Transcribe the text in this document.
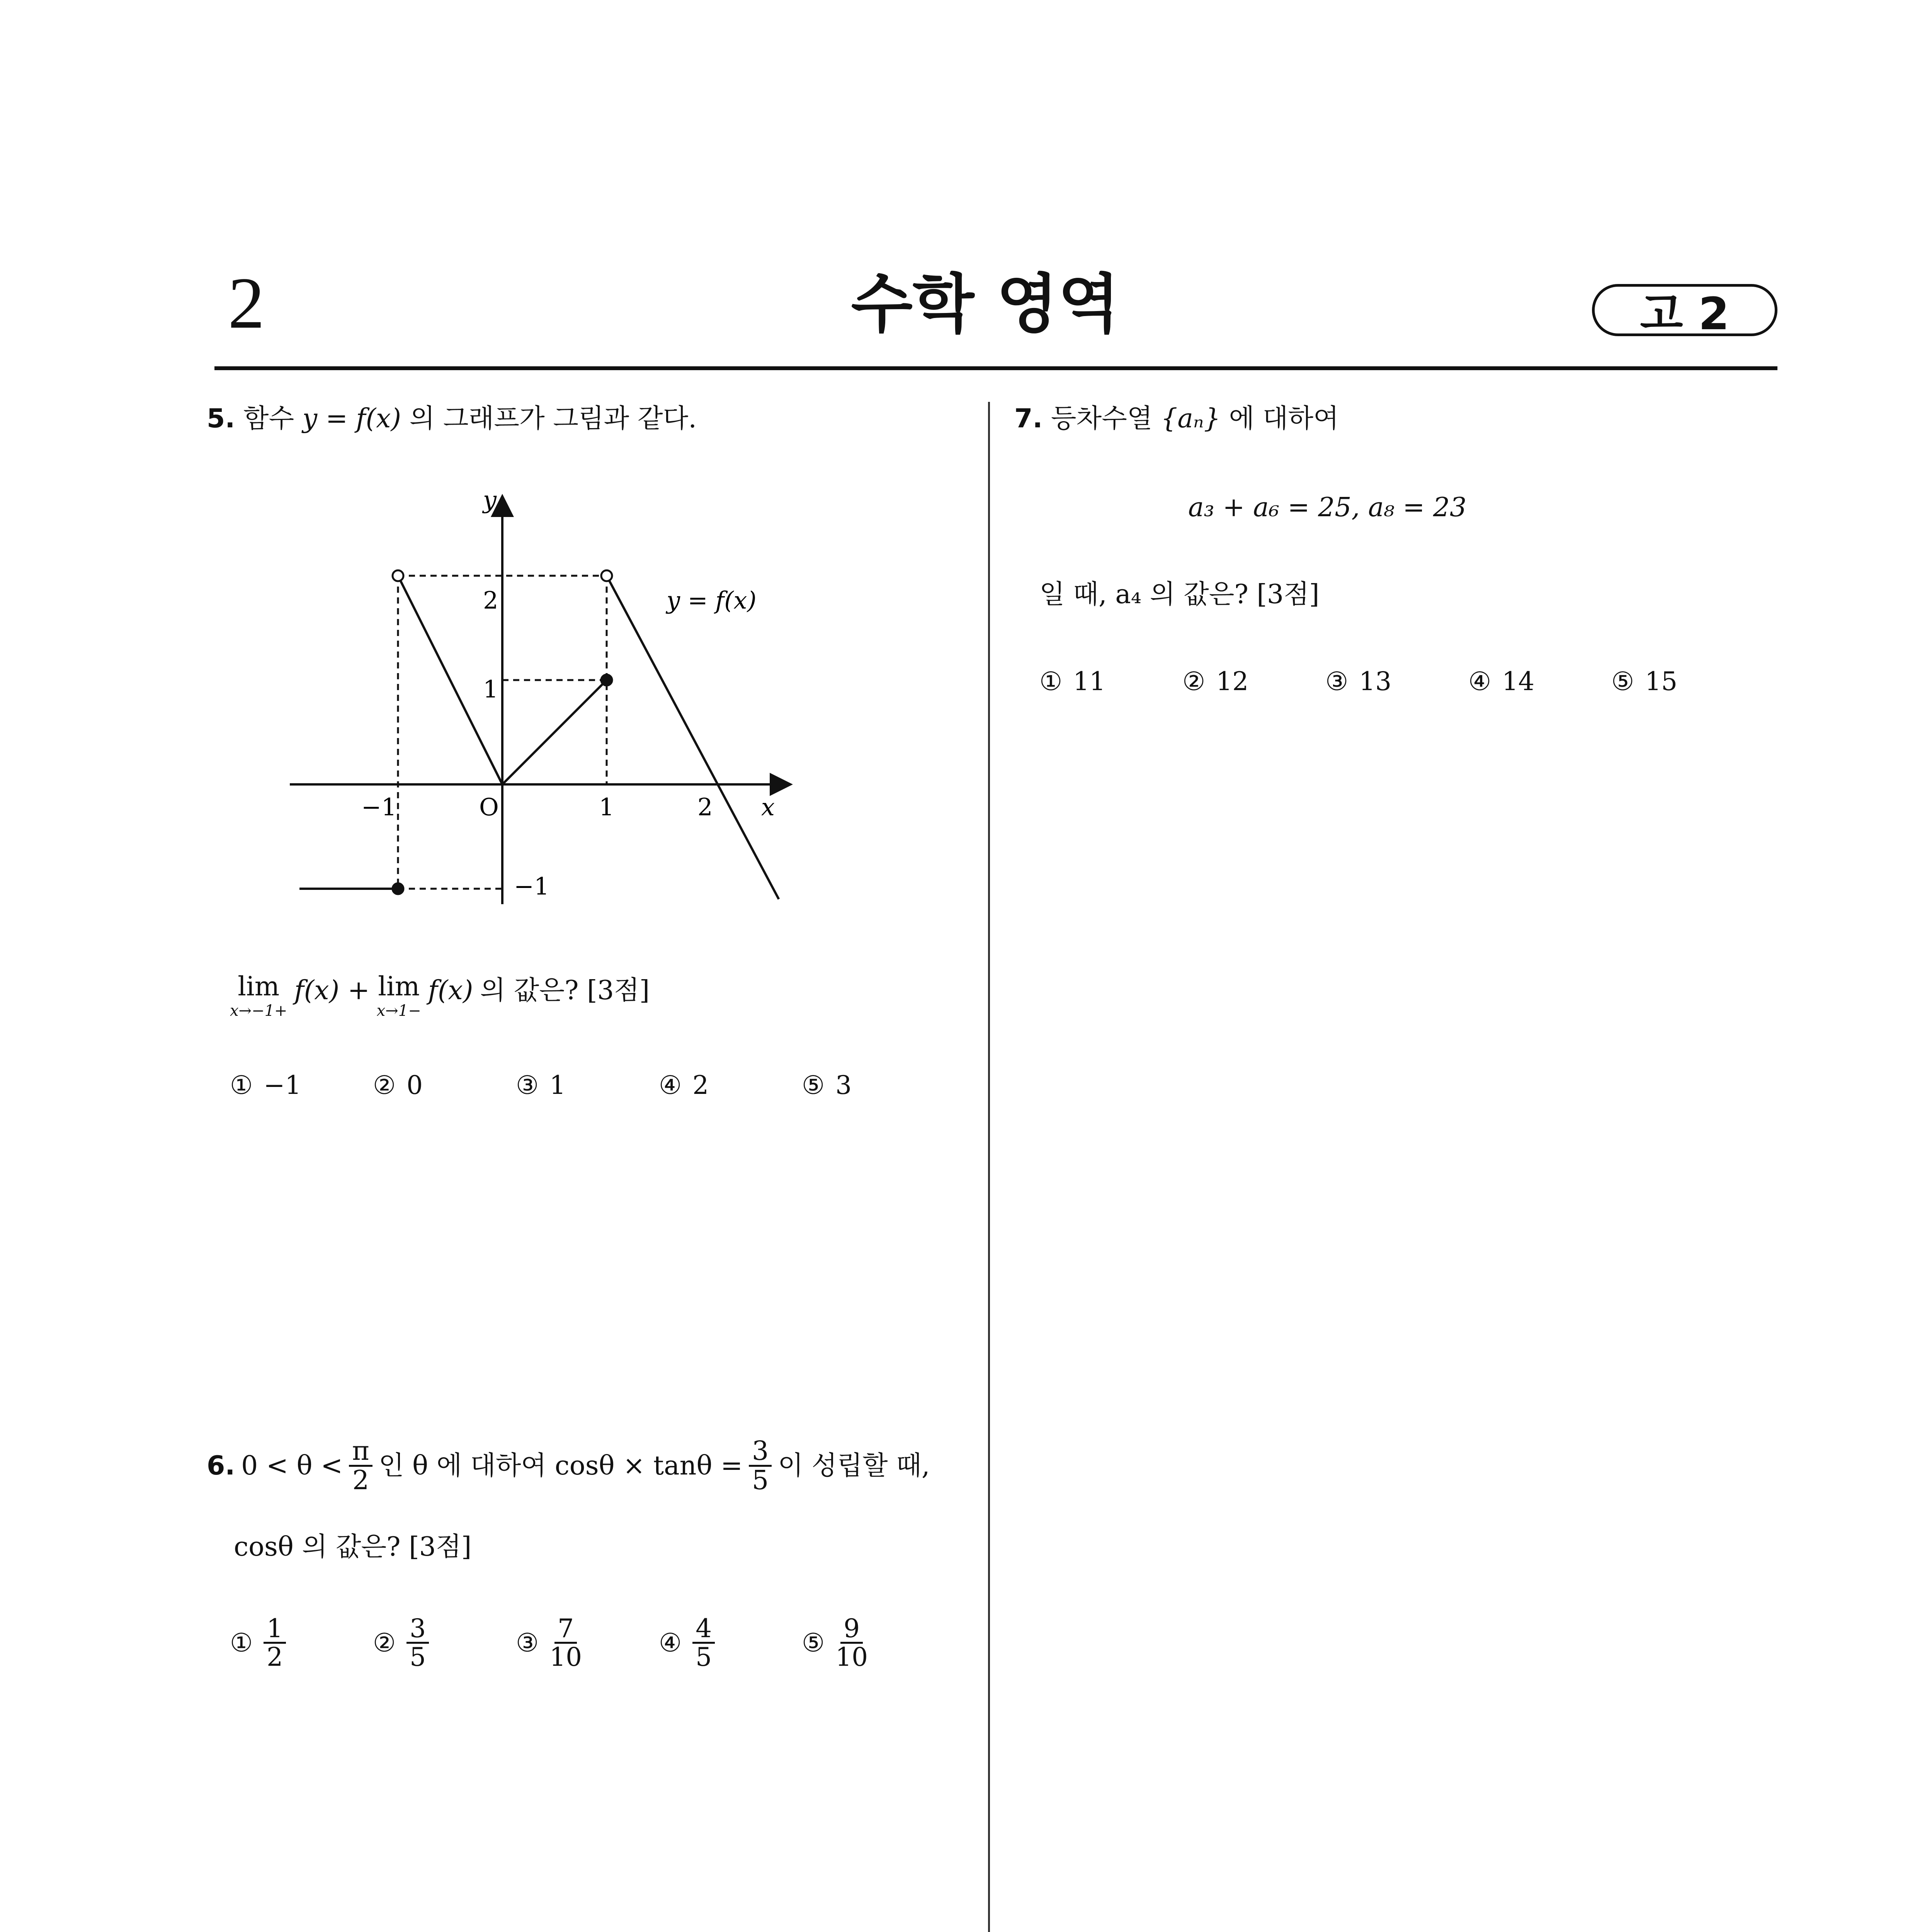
2	수학 영역	고 2
5. 함수 y = f(x) 의 그래프가 그림과 같다.
y
x
O
y = f(x)
−1	1	2
2
1
−1
lim
x→−1+
f(x) + lim
x→1−
f(x) 의 값은? [3점]
① −1	② 0	③ 1	④ 2	⑤ 3
6. $0 < \theta < \frac{\pi}{2}$ 인 θ 에 대하여 $\cos\theta \times \tan\theta = \frac{3}{5}$ 이 성립할 때,
cosθ 의 값은? [3점]
① $\frac{1}{2}$	② $\frac{3}{5}$	③ $\frac{7}{10}$	④ $\frac{4}{5}$	⑤ $\frac{9}{10}$
7. 등차수열 {aₙ} 에 대하여
a₃ + a₆ = 25, a₈ = 23
일 때, a₄ 의 값은? [3점]
① 11	② 12	③ 13	④ 14	⑤ 15
